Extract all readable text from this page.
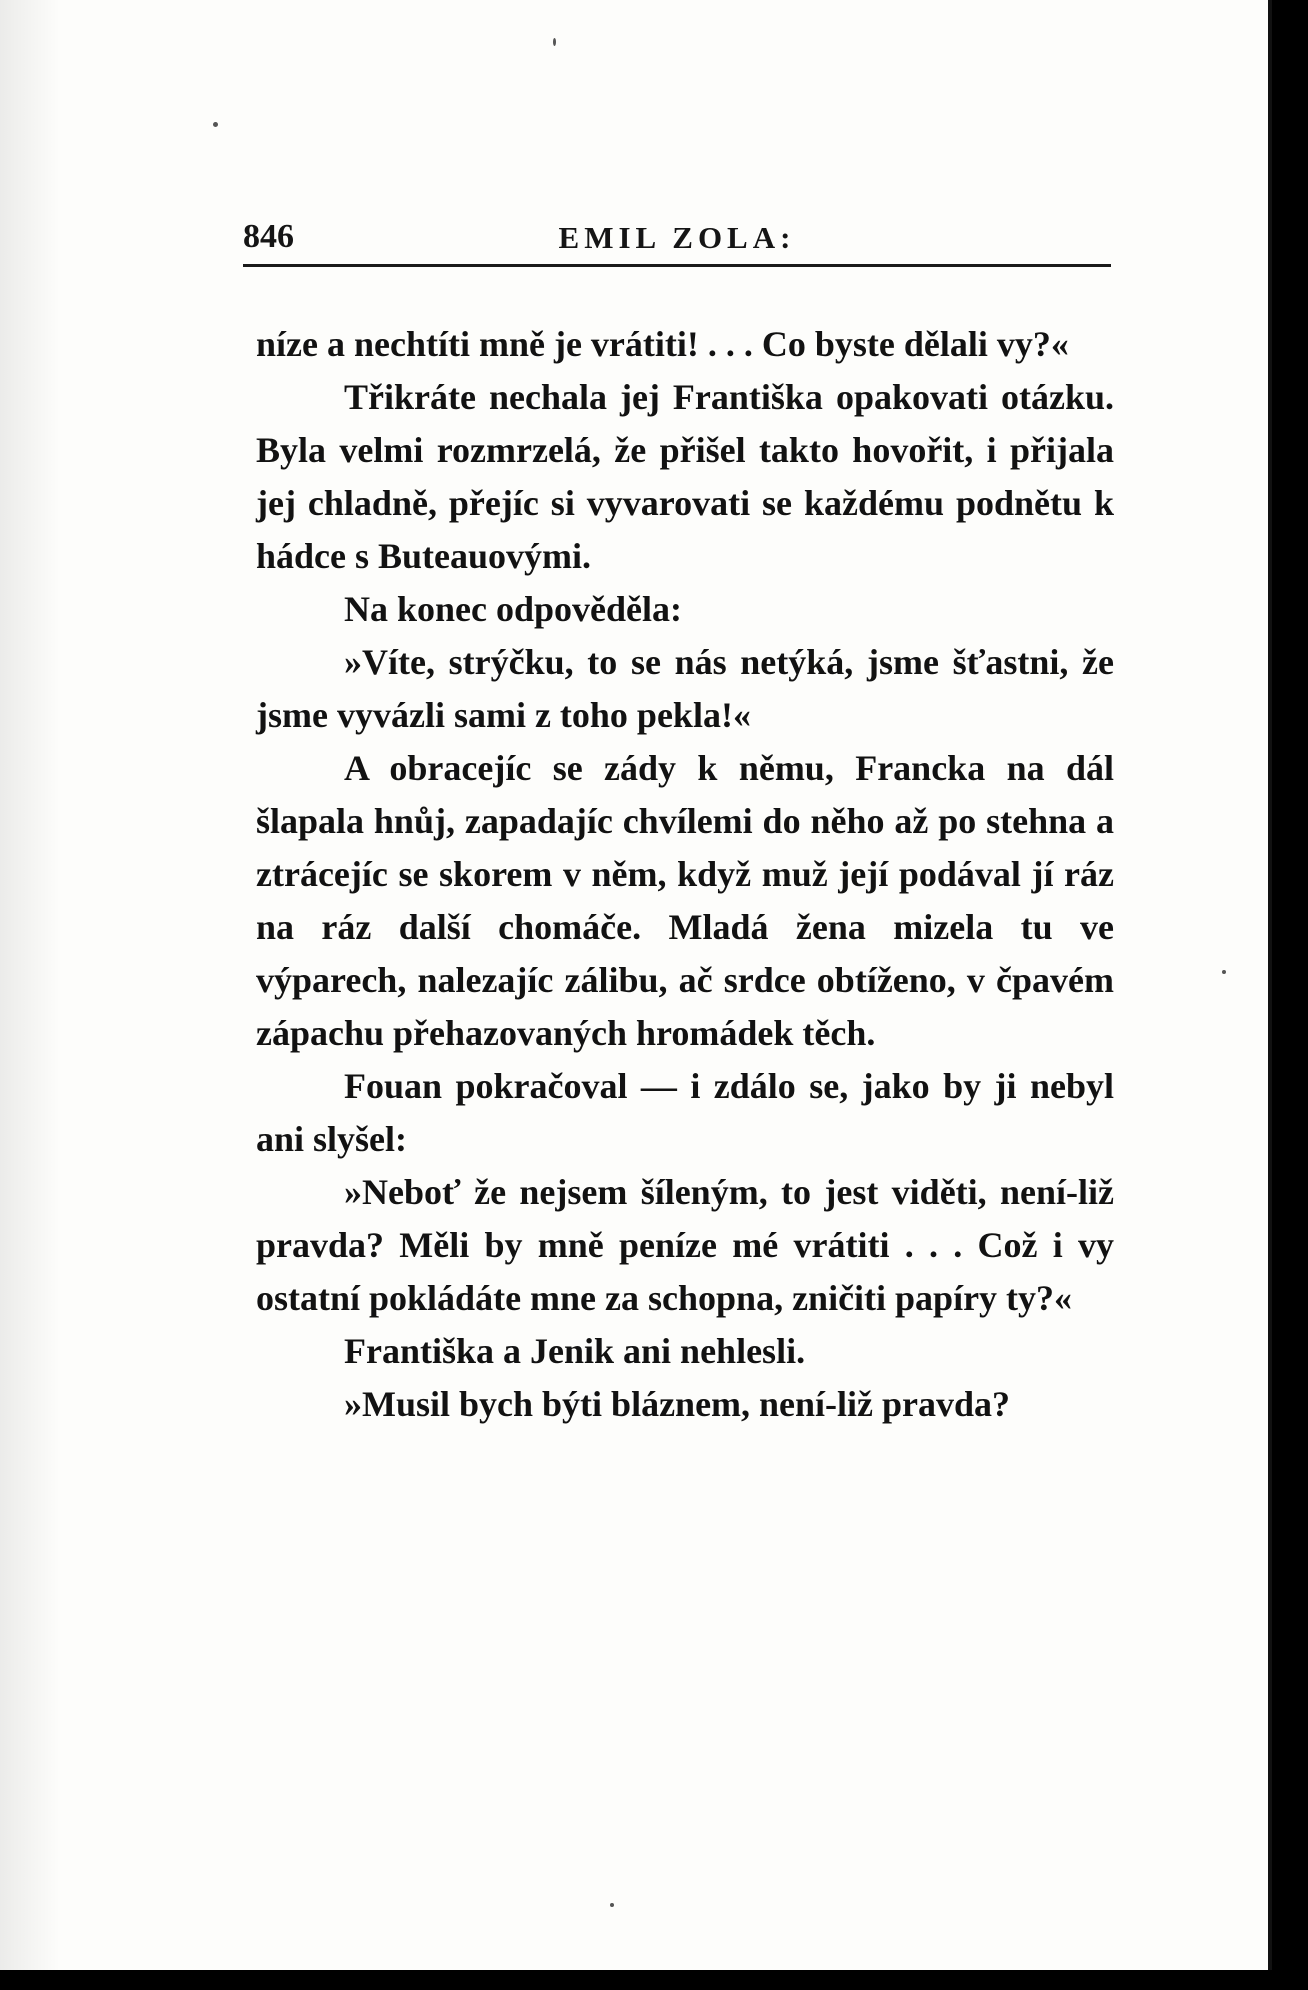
846	EMIL ZOLA:

níze a nechtíti mně je vrátiti! . . . Co byste dělali vy?«

Třikráte nechala jej Františka opakovati otázku. Byla velmi rozmrzelá, že přišel takto hovořit, i přijala jej chladně, přejíc si vyvarovati se každému podnětu k hádce s Buteauovými.

Na konec odpověděla:

»Víte, strýčku, to se nás netýká, jsme šťastni, že jsme vyvázli sami z toho pekla!«

A obracejíc se zády k němu, Francka na dál šlapala hnůj, zapadajíc chvílemi do něho až po stehna a ztrácejíc se skorem v něm, když muž její podával jí ráz na ráz další chomáče. Mladá žena mizela tu ve výparech, nalezajíc zálibu, ač srdce obtíženo, v čpavém zápachu přehazovaných hromádek těch.

Fouan pokračoval — i zdálo se, jako by ji nebyl ani slyšel:

»Neboť že nejsem šíleným, to jest viděti, není-liž pravda? Měli by mně peníze mé vrátiti . . . Což i vy ostatní pokládáte mne za schopna, zničiti papíry ty?«

Františka a Jenik ani nehlesli.

»Musil bych býti bláznem, není-liž pravda?
